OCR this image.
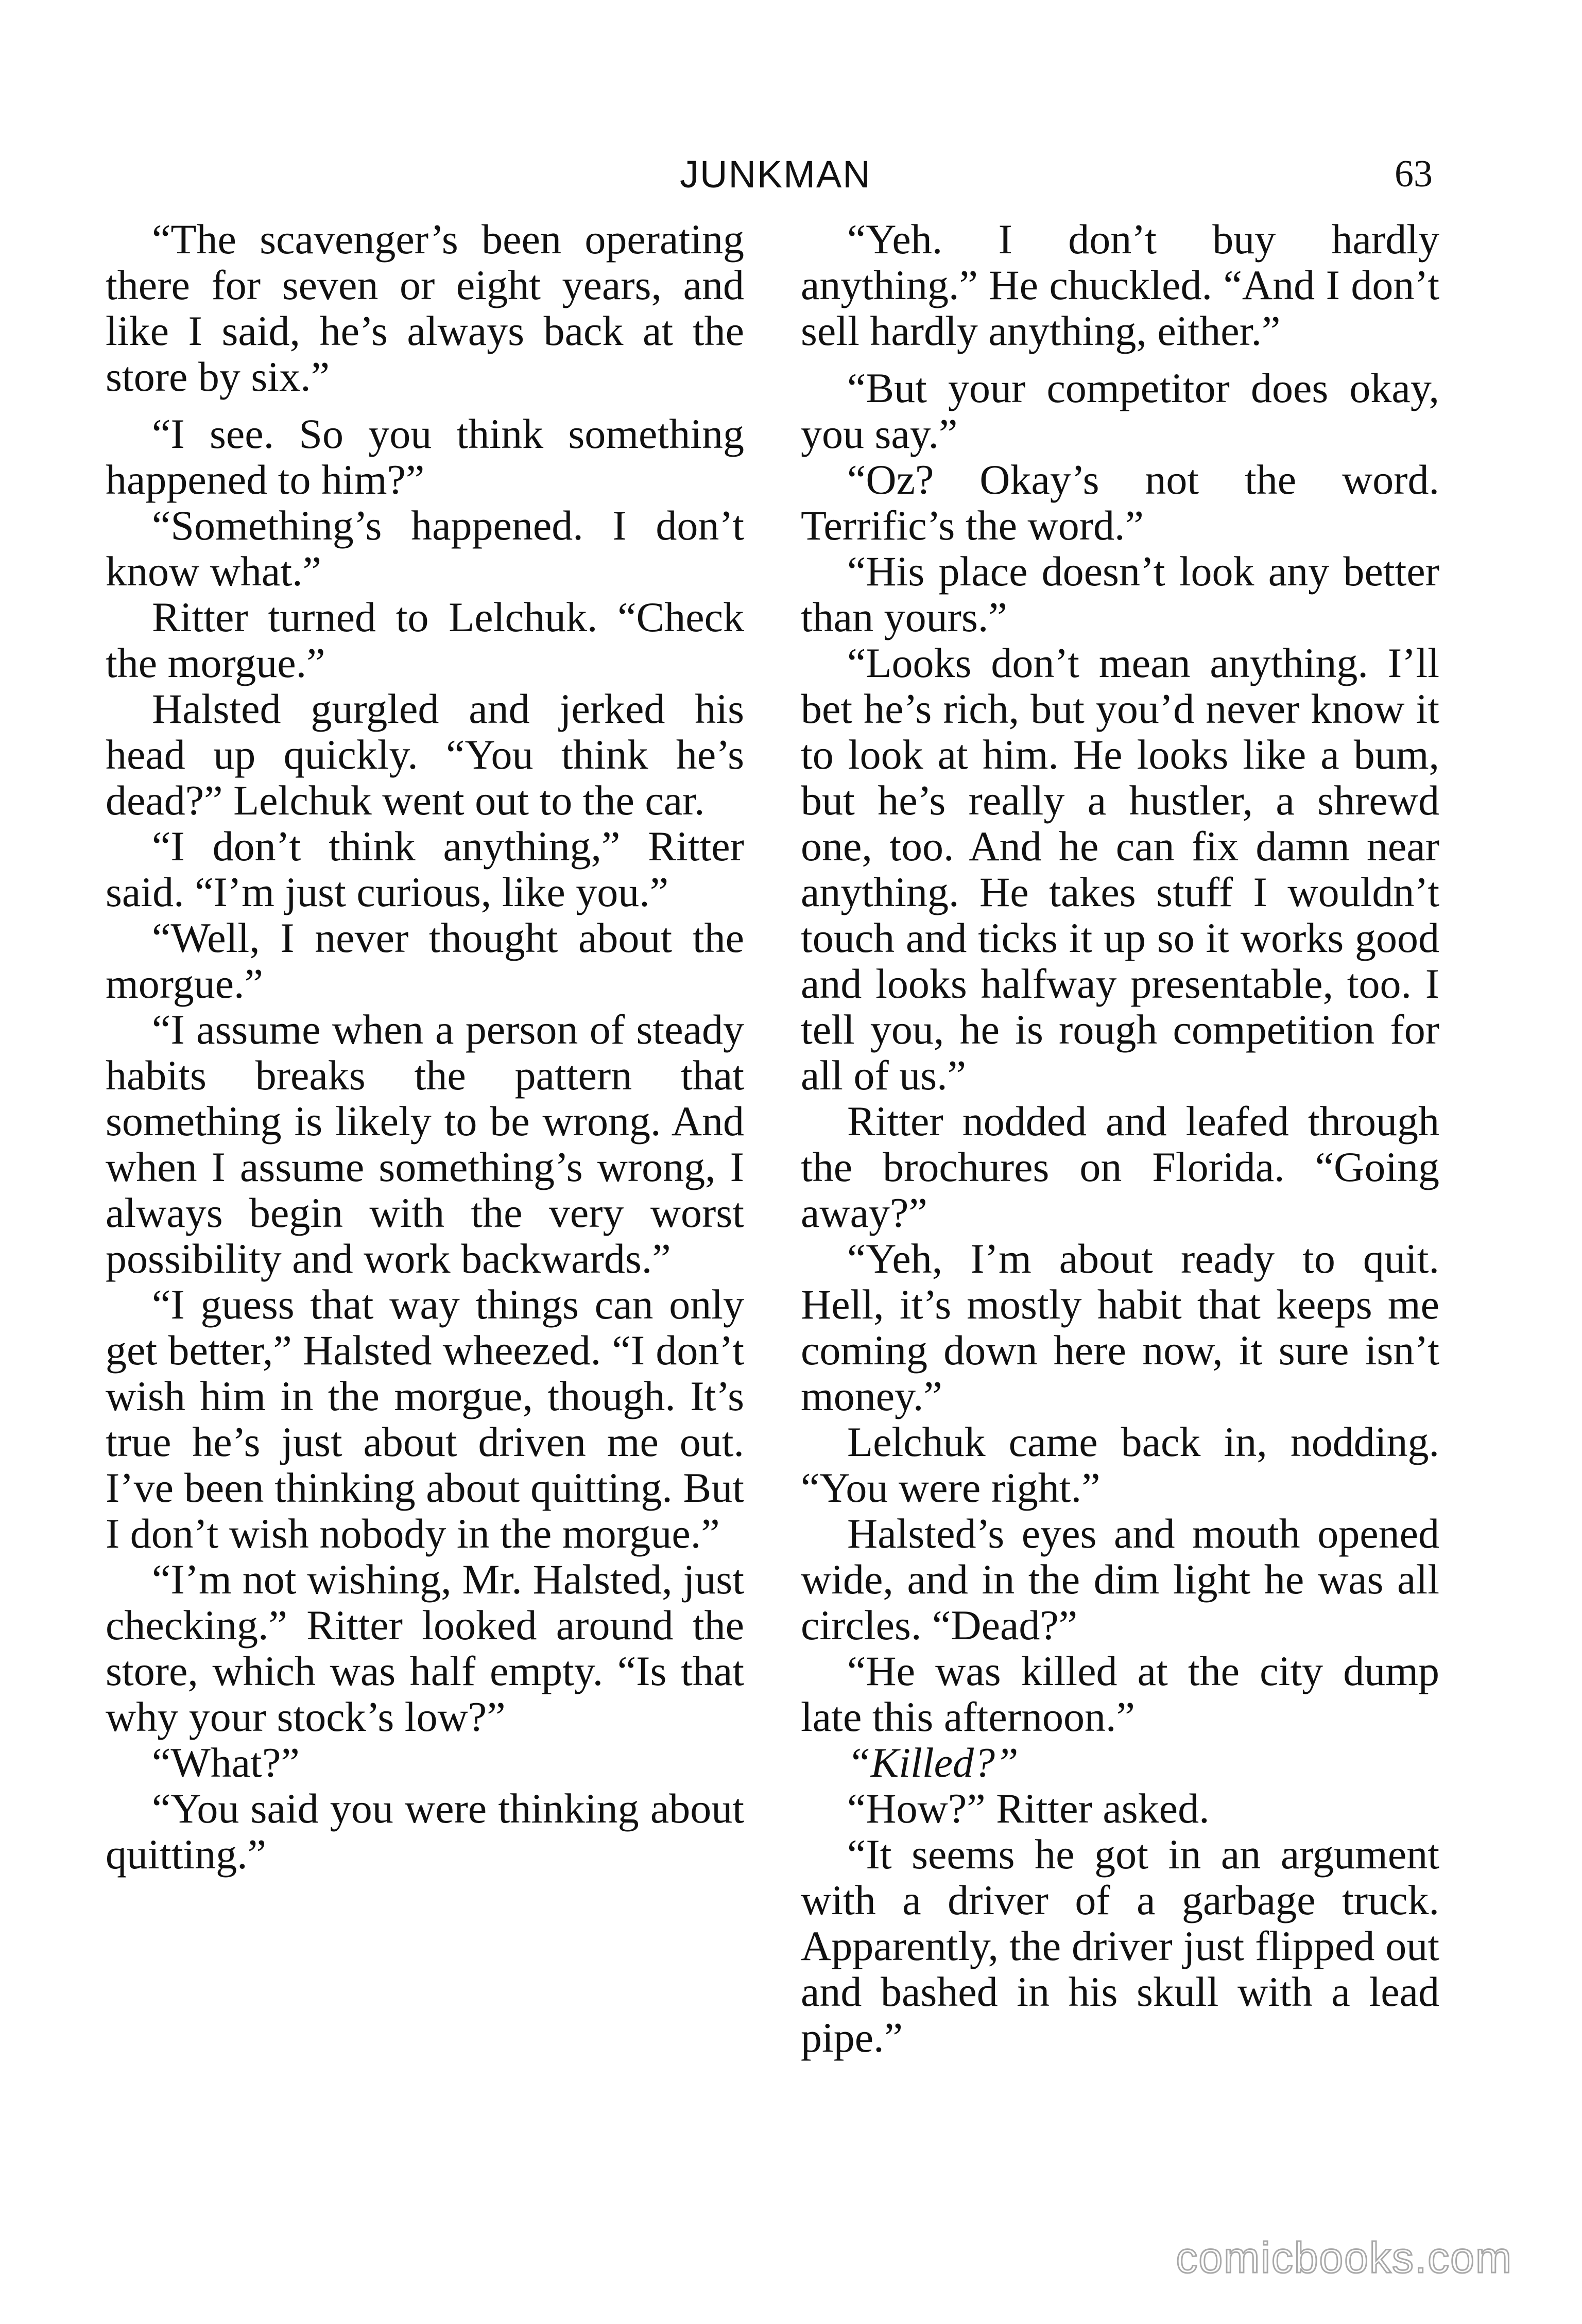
JUNKMAN	63

“The scavenger’s been operating there for seven or eight years, and like I said, he’s always back at the store by six.”

“I see. So you think something happened to him?”

“Something’s happened. I don’t know what.”

Ritter turned to Lelchuk. “Check the morgue.”

Halsted gurgled and jerked his head up quickly. “You think he’s dead?” Lelchuk went out to the car.

“I don’t think anything,” Ritter said. “I’m just curious, like you.”

“Well, I never thought about the morgue.”

“I assume when a person of steady habits breaks the pattern that something is likely to be wrong. And when I assume something’s wrong, I always begin with the very worst possibility and work backwards.”

“I guess that way things can only get better,” Halsted wheezed. “I don’t wish him in the morgue, though. It’s true he’s just about driven me out. I’ve been thinking about quitting. But I don’t wish nobody in the morgue.”

“I’m not wishing, Mr. Halsted, just checking.” Ritter looked around the store, which was half empty. “Is that why your stock’s low?”

“What?”

“You said you were thinking about quitting.”

“Yeh. I don’t buy hardly anything.” He chuckled. “And I don’t sell hardly anything, either.”

“But your competitor does okay, you say.”

“Oz? Okay’s not the word. Terrific’s the word.”

“His place doesn’t look any better than yours.”

“Looks don’t mean anything. I’ll bet he’s rich, but you’d never know it to look at him. He looks like a bum, but he’s really a hustler, a shrewd one, too. And he can fix damn near anything. He takes stuff I wouldn’t touch and ticks it up so it works good and looks halfway presentable, too. I tell you, he is rough competition for all of us.”

Ritter nodded and leafed through the brochures on Florida. “Going away?”

“Yeh, I’m about ready to quit. Hell, it’s mostly habit that keeps me coming down here now, it sure isn’t money.”

Lelchuk came back in, nodding. “You were right.”

Halsted’s eyes and mouth opened wide, and in the dim light he was all circles. “Dead?”

“He was killed at the city dump late this afternoon.”

“Killed?”

“How?” Ritter asked.

“It seems he got in an argument with a driver of a garbage truck. Apparently, the driver just flipped out and bashed in his skull with a lead pipe.”

comicbooks.com
